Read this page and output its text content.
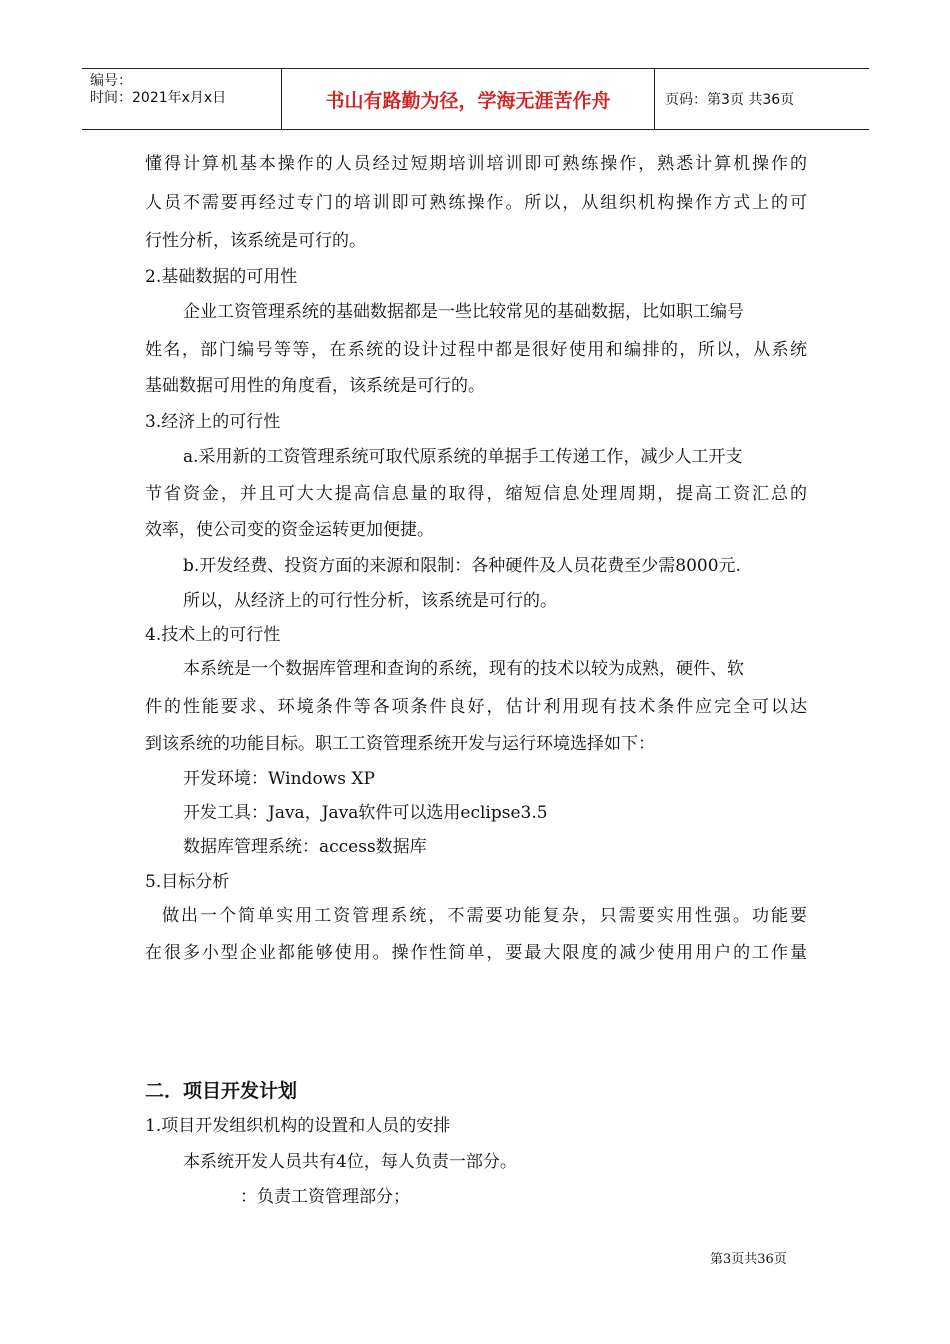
编号：
时间：2021年x月x日	书山有路勤为径，学海无涯苦作舟	页码：第3页 共36页
懂得计算机基本操作的人员经过短期培训培训即可熟练操作，熟悉计算机操作的
人员不需要再经过专门的培训即可熟练操作。所以，从组织机构操作方式上的可
行性分析，该系统是可行的。
2.基础数据的可用性
企业工资管理系统的基础数据都是一些比较常见的基础数据，比如职工编号
姓名，部门编号等等，在系统的设计过程中都是很好使用和编排的，所以，从系统
基础数据可用性的角度看，该系统是可行的。
3.经济上的可行性
a.采用新的工资管理系统可取代原系统的单据手工传递工作，减少人工开支
节省资金，并且可大大提高信息量的取得，缩短信息处理周期，提高工资汇总的
效率，使公司变的资金运转更加便捷。
b.开发经费、投资方面的来源和限制：各种硬件及人员花费至少需8000元.
所以，从经济上的可行性分析，该系统是可行的。
4.技术上的可行性
本系统是一个数据库管理和查询的系统，现有的技术以较为成熟，硬件、软
件的性能要求、环境条件等各项条件良好，估计利用现有技术条件应完全可以达
到该系统的功能目标。职工工资管理系统开发与运行环境选择如下：
开发环境：Windows XP
开发工具：Java，Java软件可以选用eclipse3.5
数据库管理系统：access数据库
5.目标分析
做出一个简单实用工资管理系统，不需要功能复杂，只需要实用性强。功能要
在很多小型企业都能够使用。操作性简单，要最大限度的减少使用用户的工作量
二．项目开发计划
1.项目开发组织机构的设置和人员的安排
本系统开发人员共有4位，每人负责一部分。
：负责工资管理部分；
第3页共36页
